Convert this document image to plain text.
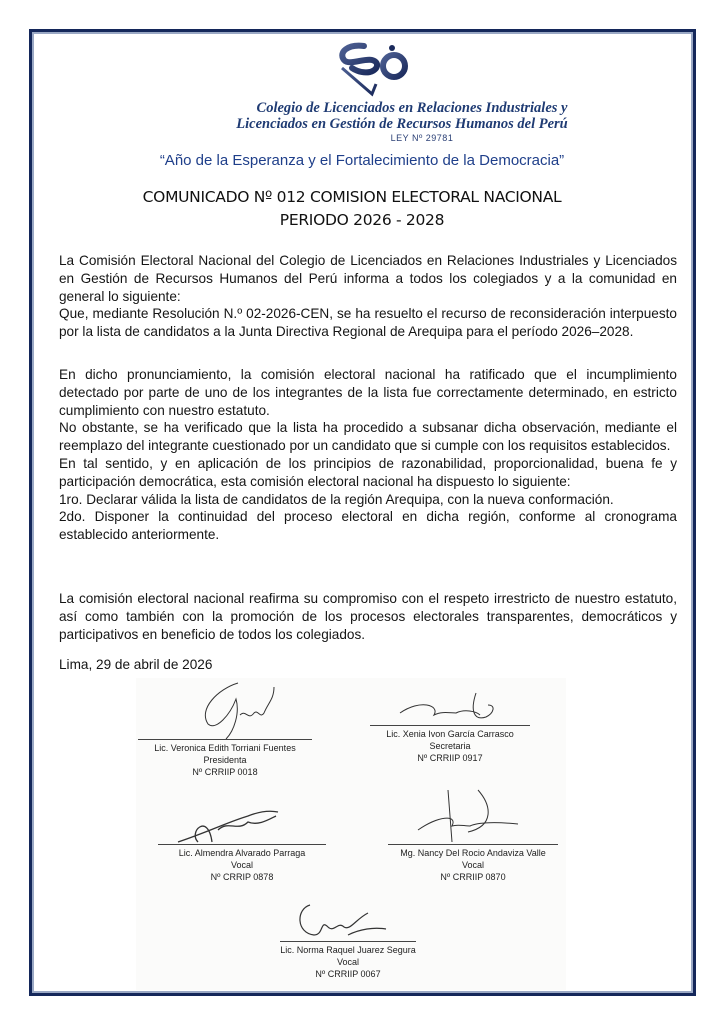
Colegio de Licenciados en Relaciones Industriales y
Licenciados en Gestión de Recursos Humanos del Perú
LEY Nº 29781
“Año de la Esperanza y el Fortalecimiento de la Democracia”
COMUNICADO Nº 012 COMISION ELECTORAL NACIONAL
PERIODO 2026 - 2028

La Comisión Electoral Nacional del Colegio de Licenciados en Relaciones Industriales y Licenciados en Gestión de Recursos Humanos del Perú informa a todos los colegiados y a la comunidad en general lo siguiente:

Que, mediante Resolución N.º 02-2026-CEN, se ha resuelto el recurso de reconsideración interpuesto por la lista de candidatos a la Junta Directiva Regional de Arequipa para el período 2026–2028.

En dicho pronunciamiento, la comisión electoral nacional ha ratificado que el incumplimiento detectado por parte de uno de los integrantes de la lista fue correctamente determinado, en estricto cumplimiento con nuestro estatuto.

No obstante, se ha verificado que la lista ha procedido a subsanar dicha observación, mediante el reemplazo del integrante cuestionado por un candidato que si cumple con los requisitos establecidos.

En tal sentido, y en aplicación de los principios de razonabilidad, proporcionalidad, buena fe y participación democrática, esta comisión electoral nacional ha dispuesto lo siguiente:

1ro. Declarar válida la lista de candidatos de la región Arequipa, con la nueva conformación.

2do. Disponer la continuidad del proceso electoral en dicha región, conforme al cronograma establecido anteriormente.

La comisión electoral nacional reafirma su compromiso con el respeto irrestricto de nuestro estatuto, así como también con la promoción de los procesos electorales transparentes, democráticos y participativos en beneficio de todos los colegiados.

Lima, 29 de abril de 2026
Lic. Veronica Edith Torriani Fuentes
Presidenta
Nº CRRIIP 0018
Lic. Xenia Ivon García Carrasco
Secretaria
Nº CRRIIP 0917
Lic. Almendra Alvarado Parraga
Vocal
Nº CRRIP 0878
Mg. Nancy Del Rocio Andaviza Valle
Vocal
Nº CRRIIP 0870
Lic. Norma Raquel Juarez Segura
Vocal
Nº CRRIIP 0067
